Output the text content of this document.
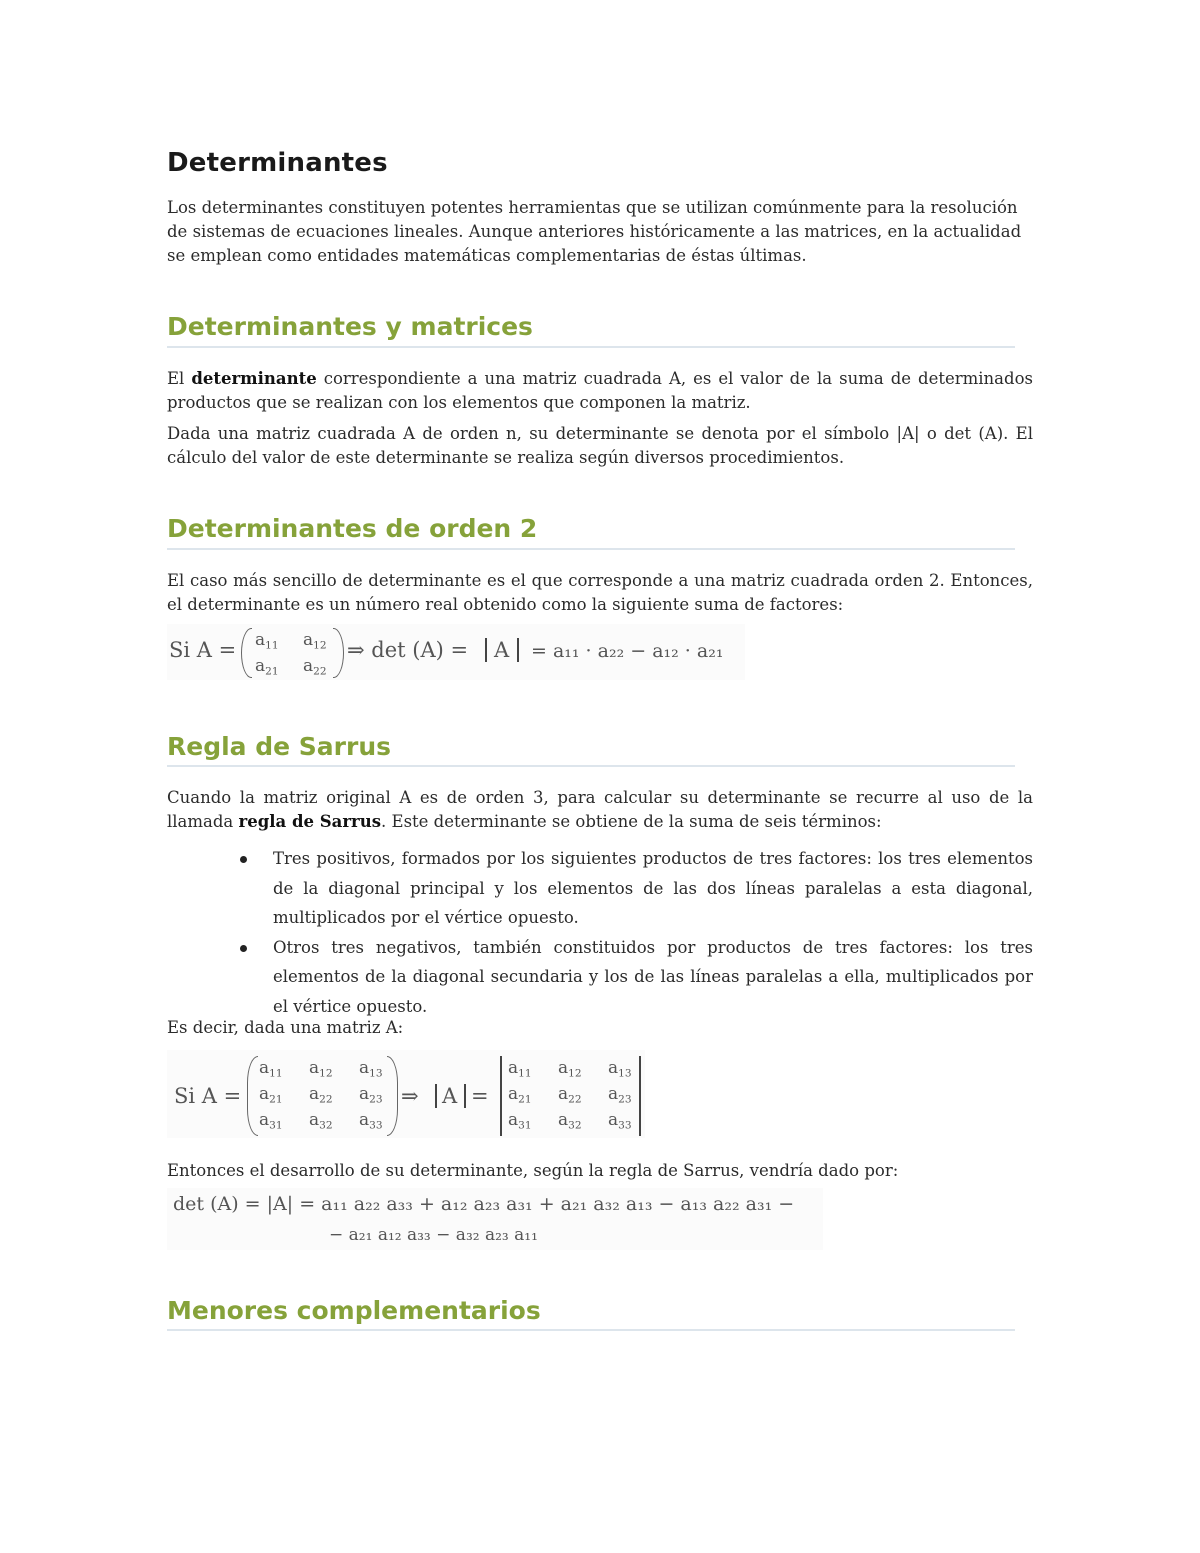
Determinantes
Los determinantes constituyen potentes herramientas que se utilizan comúnmente para la resolución de sistemas de ecuaciones lineales. Aunque anteriores históricamente a las matrices, en la actualidad se emplean como entidades matemáticas complementarias de éstas últimas.
Determinantes y matrices
El determinante correspondiente a una matriz cuadrada A, es el valor de la suma de determinados productos que se realizan con los elementos que componen la matriz.
Dada una matriz cuadrada A de orden n, su determinante se denota por el símbolo |A| o det (A). El cálculo del valor de este determinante se realiza según diversos procedimientos.
Determinantes de orden 2
El caso más sencillo de determinante es el que corresponde a una matriz cuadrada orden 2. Entonces, el determinante es un número real obtenido como la siguiente suma de factores:
Si $A = a_{11}$ $a_{12}$
$a_{21}$ $a_{22}$
⇒ det (A) = A = a₁₁ · a₂₂ − a₁₂ · a₂₁
Regla de Sarrus
Cuando la matriz original A es de orden 3, para calcular su determinante se recurre al uso de la llamada regla de Sarrus. Este determinante se obtiene de la suma de seis términos:
Tres positivos, formados por los siguientes productos de tres factores: los tres elementos de la diagonal principal y los elementos de las dos líneas paralelas a esta diagonal, multiplicados por el vértice opuesto.
Otros tres negativos, también constituidos por productos de tres factores: los tres elementos de la diagonal secundaria y los de las líneas paralelas a ella, multiplicados por el vértice opuesto.
Es decir, dada una matriz A:
Si A =
$a_{11}$ $a_{12}$ $a_{13}$
$a_{21}$ $a_{22}$ $a_{23}$
$a_{31}$ $a_{32}$ $a_{33}$
⇒ A =
$a_{11}$ $a_{12}$ $a_{13}$
$a_{21}$ $a_{22}$ $a_{23}$
$a_{31}$ $a_{32}$ $a_{33}$
Entonces el desarrollo de su determinante, según la regla de Sarrus, vendría dado por:
det (A) = |A| = a₁₁ a₂₂ a₃₃ + a₁₂ a₂₃ a₃₁ + a₂₁ a₃₂ a₁₃ − a₁₃ a₂₂ a₃₁ −
− a₂₁ a₁₂ a₃₃ − a₃₂ a₂₃ a₁₁
Menores complementarios
